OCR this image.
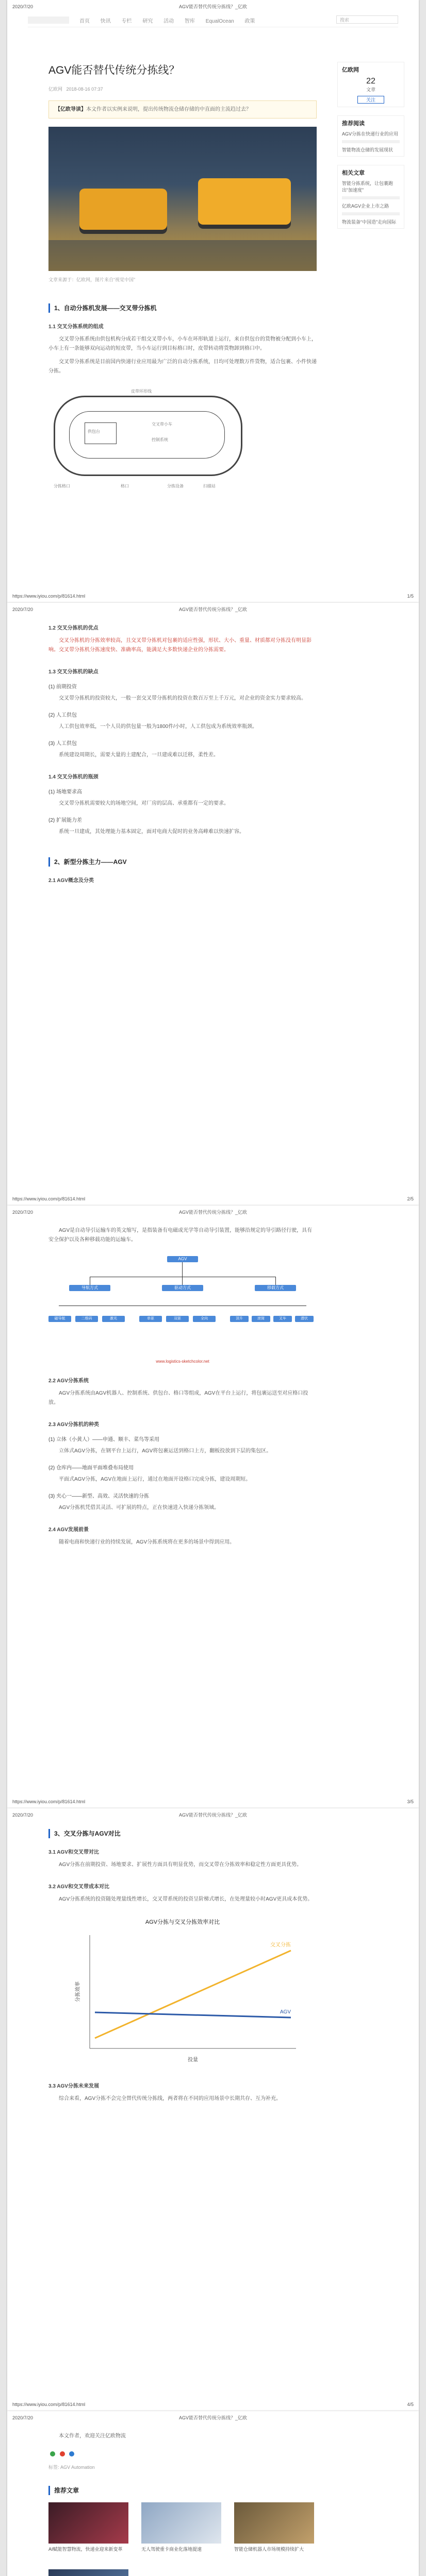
2020/7/20	AGV能否替代传统分拣线？_亿欧
首页 快讯 专栏 研究 活动 智库 EqualOcean 政策	搜索
AGV能否替代传统分拣线？
亿欧网 2018-08-16 07:37
【亿欧导读】本文作者以实例来说明，提出传统物流仓储存储的中直面的主流趋过去？
文章来源于：亿欧网，图片来自“视觉中国”
1、自动分拣机发展——交叉带分拣机
1.1 交叉分拣系统的组成

交叉带分拣系统由供包机构分成若干组交叉带小车，小车在环形轨道上运行，来自供包台的货物被分配到小车上，小车上有一条能够双向运动的短皮带，当小车运行到目标格口时，皮带转动将货物卸到格口中。

交叉带分拣系统是目前国内快递行业应用最为广泛的自动分拣系统，日均可处理数万件货物，适合包裹、小件快递分拣。

皮带环形线
供包台
交叉带小车
控制系统
分拣格口	分拣设备	扫描站
格口
亿欧网
22
文章
关注
推荐阅读
AGV分拣在快递行业的应用
智能物流仓储的发展现状
相关文章
智能分拣系统，让包裹跑出“加速度”
亿欧AGV企业上市之路
物流装备“中国造”走向国际
https://www.iyiou.com/p/81614.html	1/5
2020/7/20	AGV能否替代传统分拣线？_亿欧
1.2 交叉分拣机的优点

交叉分拣机的分拣效率较高，且交叉带分拣机对包裹的适应性强，形状、大小、重量、材质都对分拣没有明显影响。交叉带分拣机分拣速度快、准确率高，能满足大多数快递企业的分拣需要。

1.3 交叉分拣机的缺点
(1) 前期投资

交叉带分拣机的投资较大，一般一套交叉带分拣机的投资在数百万至上千万元，对企业的资金实力要求较高。

(2) 人工供包

人工供包效率低，一个人员的供包量一般为1800件/小时，人工供包成为系统效率瓶颈。

(3) 人工供包

系统建设周期长，需要大量的土建配合，一旦建成难以迁移，柔性差。

1.4 交叉分拣机的瓶颈
(1) 场地要求高

交叉带分拣机需要较大的场地空间，对厂房的层高、承重都有一定的要求。

(2) 扩展能力差

系统一旦建成，其处理能力基本固定，面对电商大促时的业务高峰难以快速扩容。

2、新型分拣主力——AGV
2.1 AGV概念及分类
https://www.iyiou.com/p/81614.html	2/5
2020/7/20	AGV能否替代传统分拣线？_亿欧

AGV是自动导引运输车的英文缩写，是指装备有电磁或光学等自动导引装置，能够沿规定的导引路径行驶，具有安全保护以及各种移载功能的运输车。

AGV
导航方式	驱动方式	移载方式
磁导航	二维码	激光	单驱	双驱	全向	顶升	滚筒	叉车	潜伏
www.logistics-sketchcolor.net
2.2 AGV分拣系统

AGV分拣系统由AGV机器人、控制系统、供包台、格口等组成，AGV在平台上运行，将包裹运送至对应格口投放。

2.3 AGV分拣机的种类
(1) 立体（小黄人）——申通、顺丰、菜鸟等采用

立体式AGV分拣，在钢平台上运行，AGV将包裹运送到格口上方，翻板投放到下层的集包区。

(2) 仓库内——地面平面堆叠布局使用

平面式AGV分拣，AGV在地面上运行，通过在地面开设格口完成分拣，建设周期短。

(3) 夹心一——新型、高效、灵活快速的分拣

AGV分拣机凭借其灵活、可扩展的特点，正在快速进入快递分拣领域。

2.4 AGV发展前景

随着电商和快递行业的持续发展，AGV分拣系统将在更多的场景中得到应用。

https://www.iyiou.com/p/81614.html	3/5
2020/7/20	AGV能否替代传统分拣线？_亿欧
3、交叉分拣与AGV对比
3.1 AGV和交叉带对比

AGV分拣在前期投资、场地要求、扩展性方面具有明显优势，而交叉带在分拣效率和稳定性方面更具优势。

3.2 AGV和交叉带成本对比

AGV分拣系统的投资随处理量线性增长，交叉带系统的投资呈阶梯式增长，在处理量较小时AGV更具成本优势。

AGV分拣与交叉分拣效率对比
分拣效率
投量
交叉分拣
AGV
3.3 AGV分拣未来发展

综合来看，AGV分拣不会完全替代传统分拣线，两者将在不同的应用场景中长期共存、互为补充。

https://www.iyiou.com/p/81614.html	4/5
2020/7/20	AGV能否替代传统分拣线？_亿欧

本文作者，欢迎关注亿欧物流

标签: AGV Automation
推荐文章
AI赋能智慧物流，快递业迎来新变革	无人驾驶重卡商业化落地提速	智能仓储机器人市场规模持续扩大
